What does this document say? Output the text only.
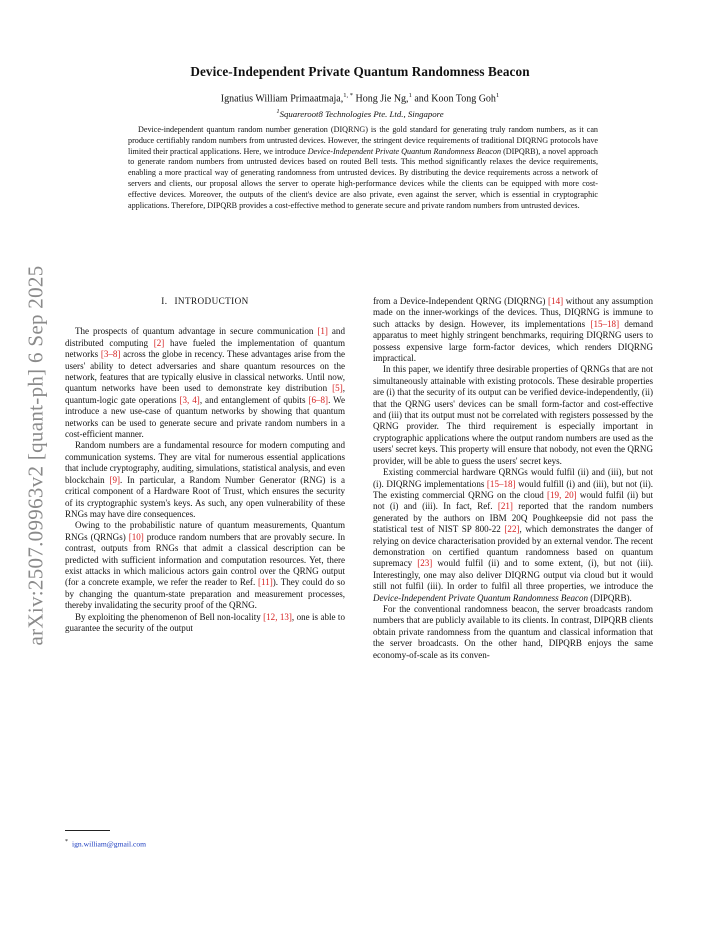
arXiv:2507.09963v2 [quant-ph] 6 Sep 2025
Device-Independent Private Quantum Randomness Beacon
Ignatius William Primaatmaja,$^{1, *}$ Hong Jie Ng,$^1$ and Koon Tong Goh$^1$
$^1$Squareroot8 Technologies Pte. Ltd., Singapore

Device-independent quantum random number generation (DIQRNG) is the gold standard for generating truly random numbers, as it can produce certifiably random numbers from untrusted devices. However, the stringent device requirements of traditional DIQRNG protocols have limited their practical applications. Here, we introduce Device-Independent Private Quantum Randomness Beacon (DIPQRB), a novel approach to generate random numbers from untrusted devices based on routed Bell tests. This method significantly relaxes the device requirements, enabling a more practical way of generating randomness from untrusted devices. By distributing the device requirements across a network of servers and clients, our proposal allows the server to operate high-performance devices while the clients can be equipped with more cost-effective devices. Moreover, the outputs of the client's device are also private, even against the server, which is essential in cryptographic applications. Therefore, DIPQRB provides a cost-effective method to generate secure and private random numbers from untrusted devices.

I. INTRODUCTION

The prospects of quantum advantage in secure communication [1] and distributed computing [2] have fueled the implementation of quantum networks [3–8] across the globe in recency. These advantages arise from the users' ability to detect adversaries and share quantum resources on the network, features that are typically elusive in classical networks. Until now, quantum networks have been used to demonstrate key distribution [5], quantum-logic gate operations [3, 4], and entanglement of qubits [6–8]. We introduce a new use-case of quantum networks by showing that quantum networks can be used to generate secure and private random numbers in a cost-efficient manner.

Random numbers are a fundamental resource for modern computing and communication systems. They are vital for numerous essential applications that include cryptography, auditing, simulations, statistical analysis, and even blockchain [9]. In particular, a Random Number Generator (RNG) is a critical component of a Hardware Root of Trust, which ensures the security of its cryptographic system's keys. As such, any open vulnerability of these RNGs may have dire consequences.

Owing to the probabilistic nature of quantum measurements, Quantum RNGs (QRNGs) [10] produce random numbers that are provably secure. In contrast, outputs from RNGs that admit a classical description can be predicted with sufficient information and computation resources. Yet, there exist attacks in which malicious actors gain control over the QRNG output (for a concrete example, we refer the reader to Ref. [11]). They could do so by changing the quantum-state preparation and measurement processes, thereby invalidating the security proof of the QRNG.

By exploiting the phenomenon of Bell non-locality [12, 13], one is able to guarantee the security of the output

from a Device-Independent QRNG (DIQRNG) [14] without any assumption made on the inner-workings of the devices. Thus, DIQRNG is immune to such attacks by design. However, its implementations [15–18] demand apparatus to meet highly stringent benchmarks, requiring DIQRNG users to possess expensive large form-factor devices, which renders DIQRNG impractical.

In this paper, we identify three desirable properties of QRNGs that are not simultaneously attainable with existing protocols. These desirable properties are (i) that the security of its output can be verified device-independently, (ii) that the QRNG users' devices can be small form-factor and cost-effective and (iii) that its output must not be correlated with registers possessed by the QRNG provider. The third requirement is especially important in cryptographic applications where the output random numbers are used as the users' secret keys. This property will ensure that nobody, not even the QRNG provider, will be able to guess the users' secret keys.

Existing commercial hardware QRNGs would fulfil (ii) and (iii), but not (i). DIQRNG implementations [15–18] would fulfill (i) and (iii), but not (ii). The existing commercial QRNG on the cloud [19, 20] would fulfil (ii) but not (i) and (iii). In fact, Ref. [21] reported that the random numbers generated by the authors on IBM 20Q Poughkeepsie did not pass the statistical test of NIST SP 800-22 [22], which demonstrates the danger of relying on device characterisation provided by an external vendor. The recent demonstration on certified quantum randomness based on quantum supremacy [23] would fulfil (ii) and to some extent, (i), but not (iii). Interestingly, one may also deliver DIQRNG output via cloud but it would still not fulfil (iii). In order to fulfil all three properties, we introduce the Device-Independent Private Quantum Randomness Beacon (DIPQRB).

For the conventional randomness beacon, the server broadcasts random numbers that are publicly available to its clients. In contrast, DIPQRB clients obtain private randomness from the quantum and classical information that the server broadcasts. On the other hand, DIPQRB enjoys the same economy-of-scale as its conven-

* ign.william@gmail.com
